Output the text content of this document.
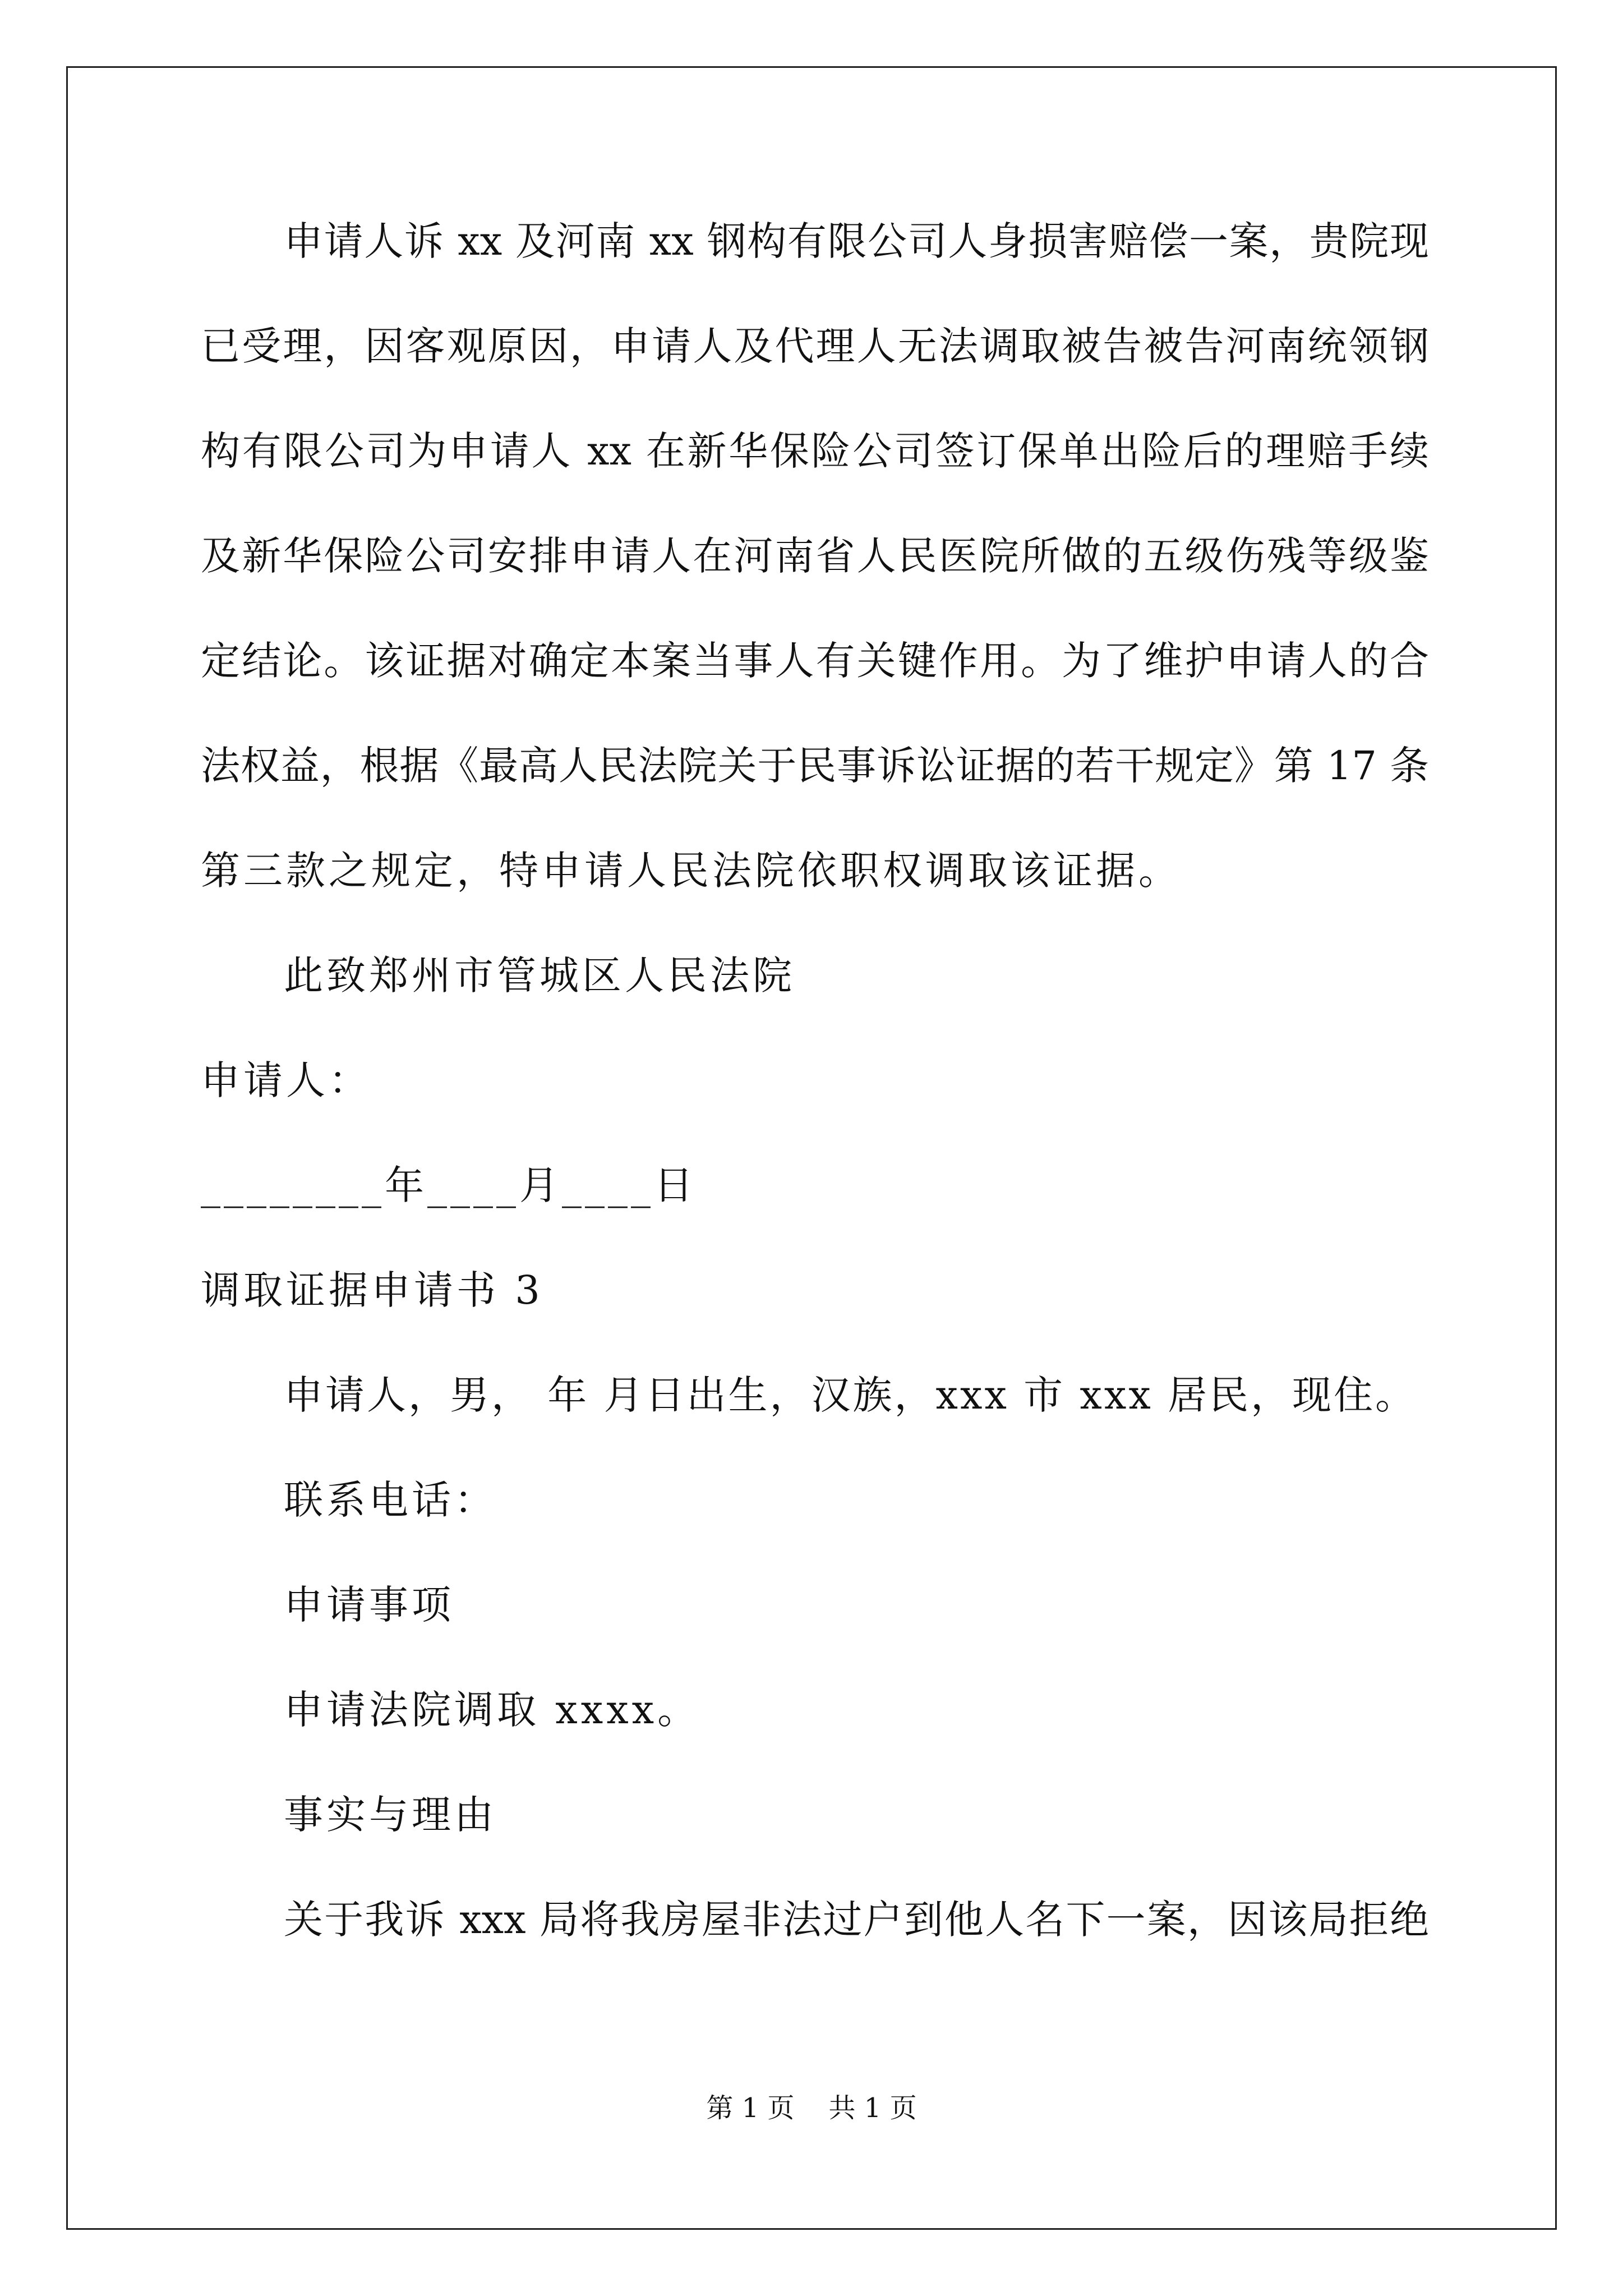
申请人诉 xx 及河南 xx 钢构有限公司人身损害赔偿一案，贵院现
已受理，因客观原因，申请人及代理人无法调取被告被告河南统领钢
构有限公司为申请人 xx 在新华保险公司签订保单出险后的理赔手续
及新华保险公司安排申请人在河南省人民医院所做的五级伤残等级鉴
定结论。该证据对确定本案当事人有关键作用。为了维护申请人的合
法权益，根据《最高人民法院关于民事诉讼证据的若干规定》第 17 条
第三款之规定，特申请人民法院依职权调取该证据。
此致郑州市管城区人民法院
申请人：
________年____月____日
调取证据申请书 3
申请人，男， 年 月日出生，汉族，xxx 市 xxx 居民，现住。
联系电话：
申请事项
申请法院调取 xxxx。
事实与理由
关于我诉 xxx 局将我房屋非法过户到他人名下一案，因该局拒绝
第 1 页    共 1 页
